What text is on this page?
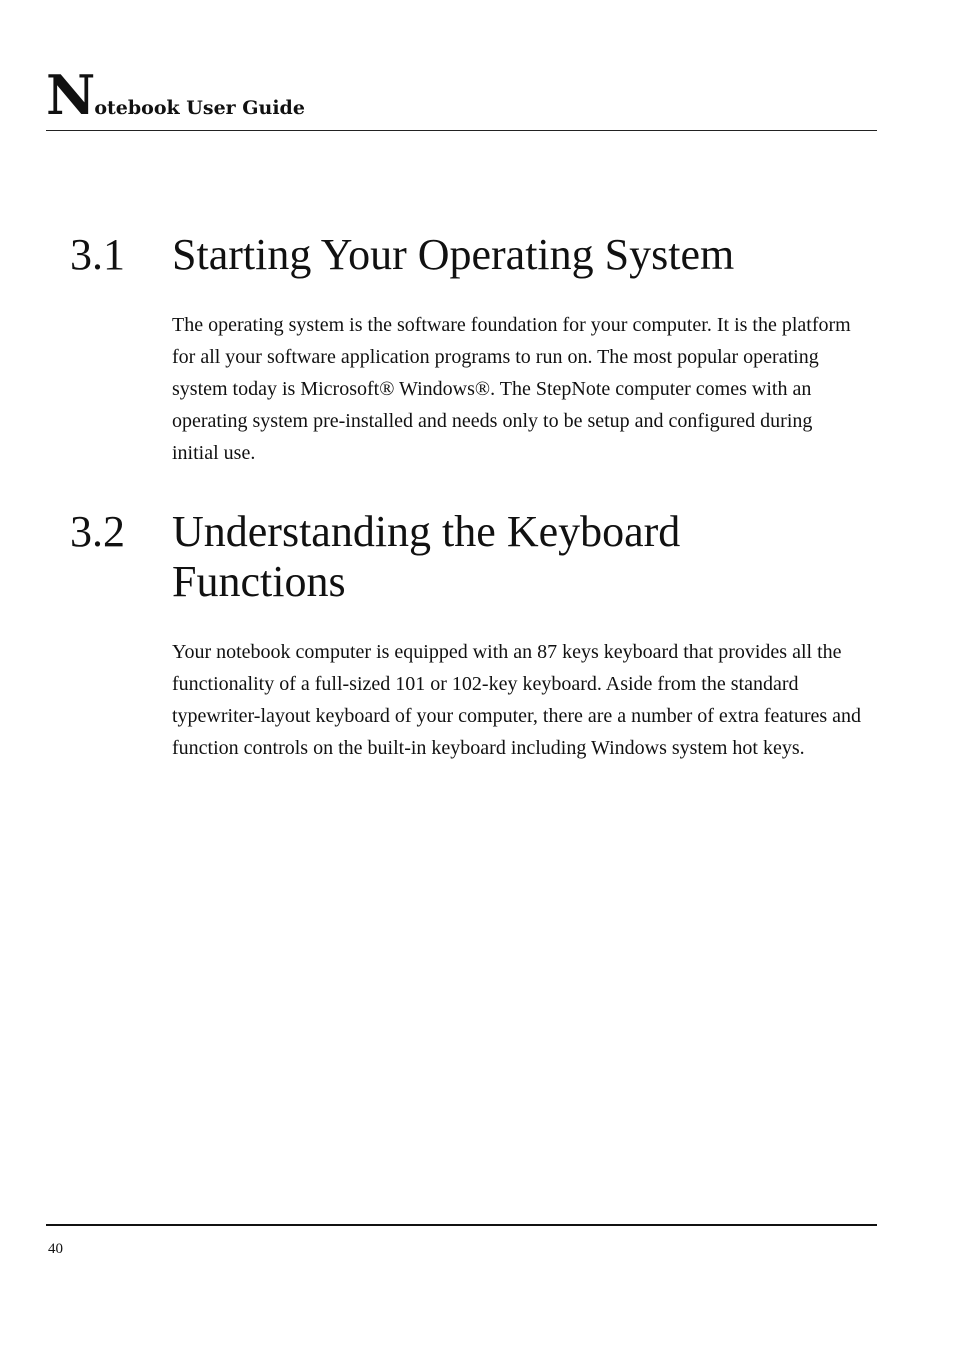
Notebook User Guide
3.1 Starting Your Operating System
The operating system is the software foundation for your computer. It is the platform for all your software application programs to run on. The most popular operating system today is Microsoft® Windows®. The StepNote computer comes with an operating system pre-installed and needs only to be setup and configured during initial use.
3.2 Understanding the Keyboard Functions
Your notebook computer is equipped with an 87 keys keyboard that provides all the functionality of a full-sized 101 or 102-key keyboard. Aside from the standard typewriter-layout keyboard of your computer, there are a number of extra features and function controls on the built-in keyboard including Windows system hot keys.
40
